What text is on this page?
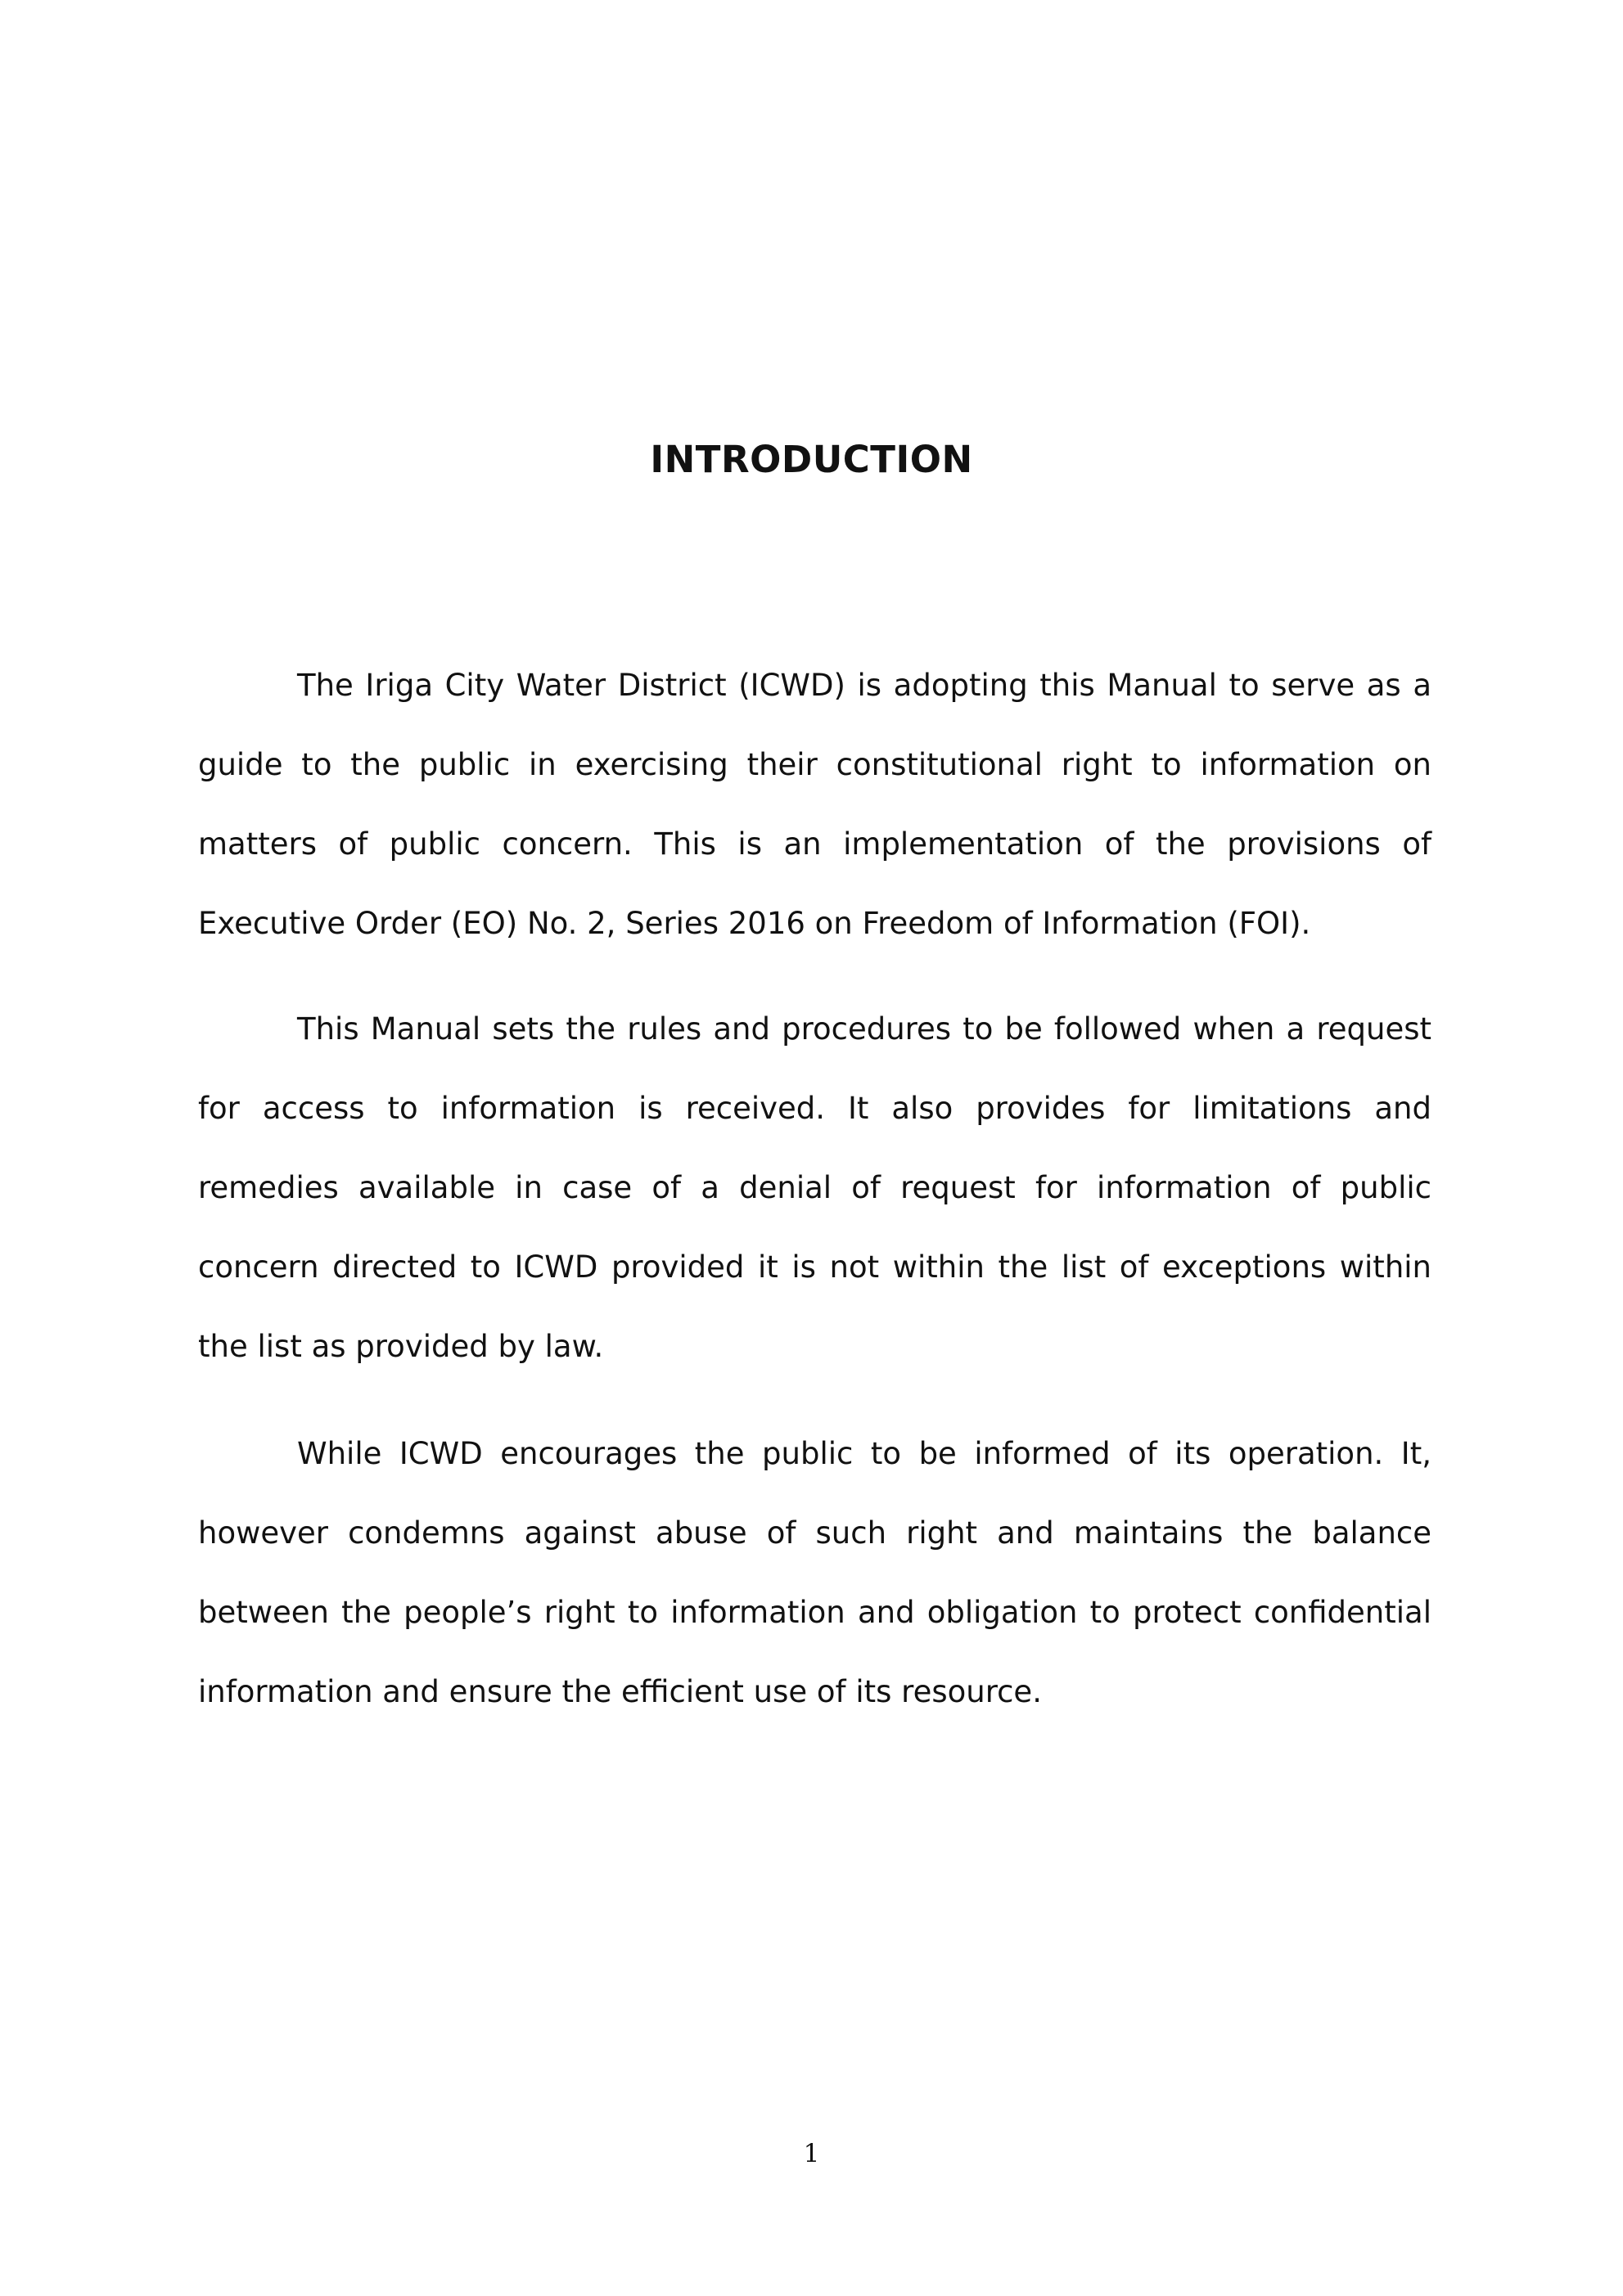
INTRODUCTION

The Iriga City Water District (ICWD) is adopting this Manual to serve as a guide to the public in exercising their constitutional right to information on matters of public concern. This is an implementation of the provisions of Executive Order (EO) No. 2, Series 2016 on Freedom of Information (FOI).

This Manual sets the rules and procedures to be followed when a request for access to information is received. It also provides for limitations and remedies available in case of a denial of request for information of public concern directed to ICWD provided it is not within the list of exceptions within the list as provided by law.

While ICWD encourages the public to be informed of its operation. It, however condemns against abuse of such right and maintains the balance between the people’s right to information and obligation to protect confidential information and ensure the efficient use of its resource.

1
